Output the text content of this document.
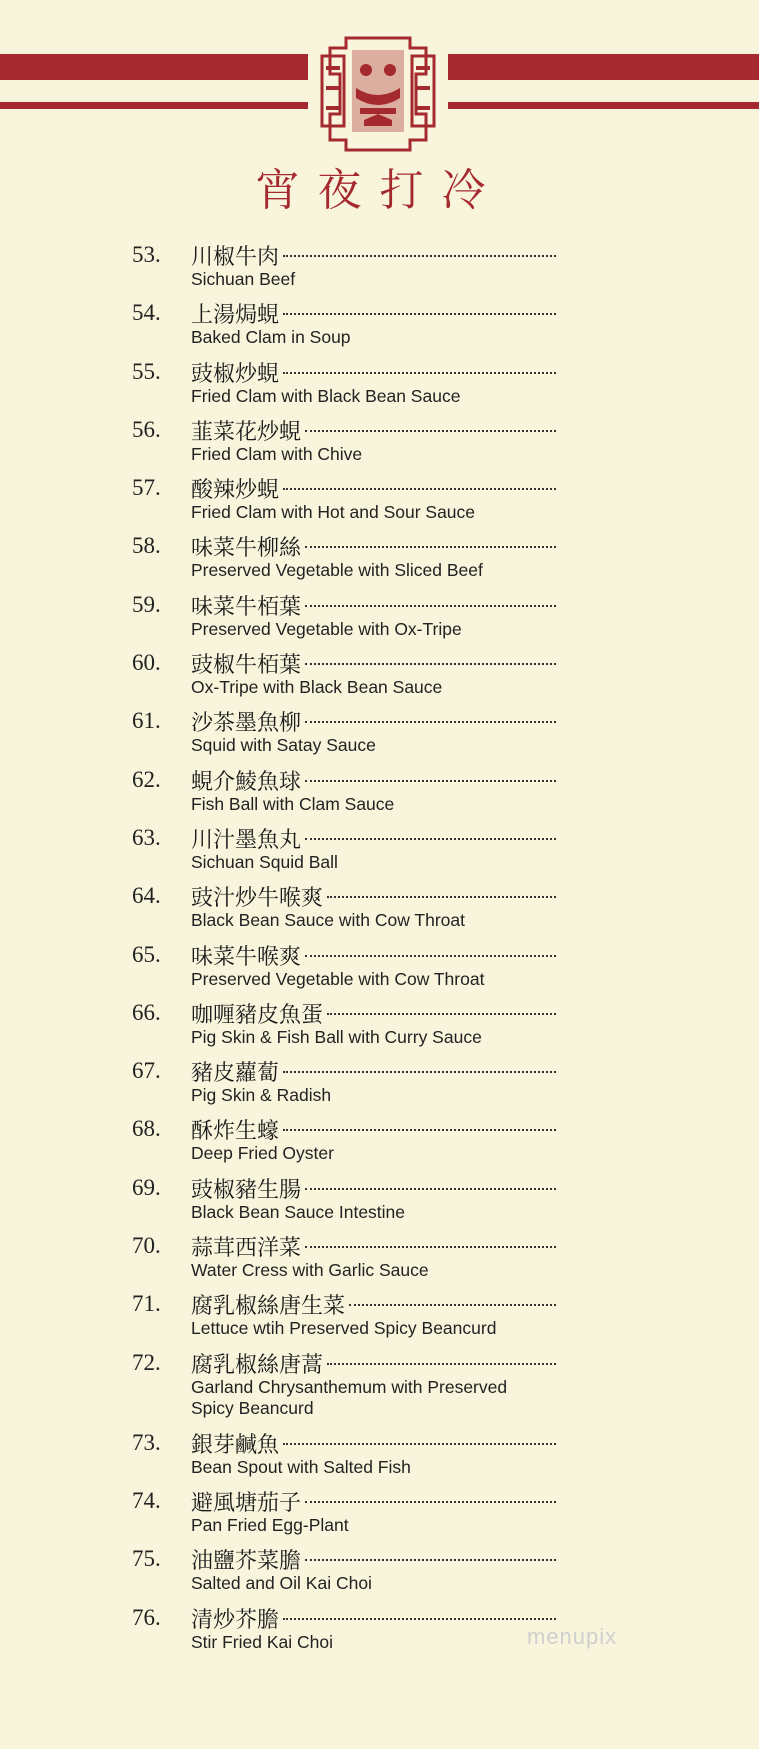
宵夜打冷
53. 川椒牛肉
Sichuan Beef
54. 上湯焗蜆
Baked Clam in Soup
55. 豉椒炒蜆
Fried Clam with Black Bean Sauce
56. 韮菜花炒蜆
Fried Clam with Chive
57. 酸辣炒蜆
Fried Clam with Hot and Sour Sauce
58. 味菜牛柳絲
Preserved Vegetable with Sliced Beef
59. 味菜牛栢葉
Preserved Vegetable with Ox-Tripe
60. 豉椒牛栢葉
Ox-Tripe with Black Bean Sauce
61. 沙茶墨魚柳
Squid with Satay Sauce
62. 蜆介鯪魚球
Fish Ball with Clam Sauce
63. 川汁墨魚丸
Sichuan Squid Ball
64. 豉汁炒牛喉爽
Black Bean Sauce with Cow Throat
65. 味菜牛喉爽
Preserved Vegetable with Cow Throat
66. 咖喱豬皮魚蛋
Pig Skin & Fish Ball with Curry Sauce
67. 豬皮蘿蔔
Pig Skin & Radish
68. 酥炸生蠔
Deep Fried Oyster
69. 豉椒豬生腸
Black Bean Sauce Intestine
70. 蒜茸西洋菜
Water Cress with Garlic Sauce
71. 腐乳椒絲唐生菜
Lettuce wtih Preserved Spicy Beancurd
72. 腐乳椒絲唐蒿
Garland Chrysanthemum with Preserved
Spicy Beancurd
73. 銀芽鹹魚
Bean Spout with Salted Fish
74. 避風塘茄子
Pan Fried Egg-Plant
75. 油鹽芥菜膽
Salted and Oil Kai Choi
76. 清炒芥膽
Stir Fried Kai Choi	menupix
